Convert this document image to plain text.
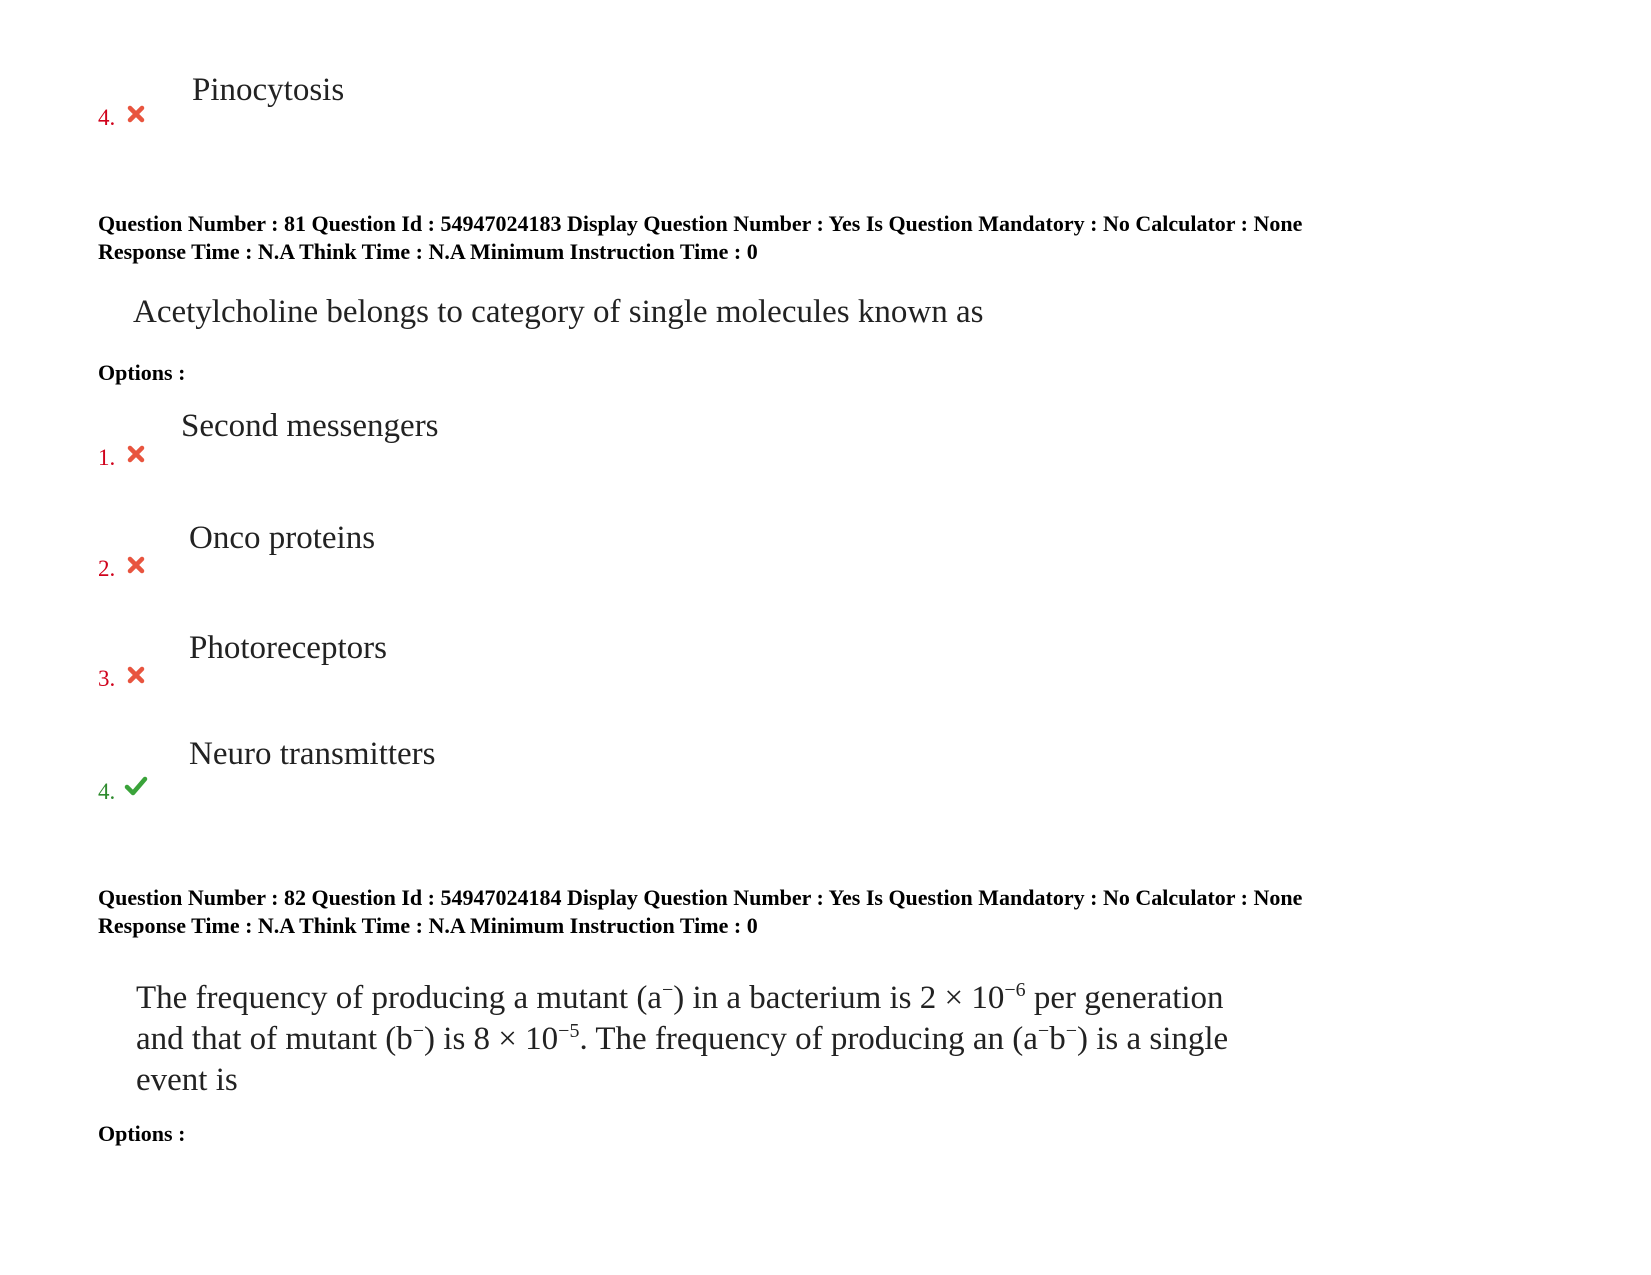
Pinocytosis
4.
Question Number : 81 Question Id : 54947024183 Display Question Number : Yes Is Question Mandatory : No Calculator : None
Response Time : N.A Think Time : N.A Minimum Instruction Time : 0
Acetylcholine belongs to category of single molecules known as
Options :
Second messengers
1.
Onco proteins
2.
Photoreceptors
3.
Neuro transmitters
4.
Question Number : 82 Question Id : 54947024184 Display Question Number : Yes Is Question Mandatory : No Calculator : None
Response Time : N.A Think Time : N.A Minimum Instruction Time : 0
The frequency of producing a mutant (a−) in a bacterium is $2 \times 10^{-6}$ per generation
and that of mutant (b−) is $8 \times 10^{-5}$. The frequency of producing an (a−b−) is a single
event is
Options :
